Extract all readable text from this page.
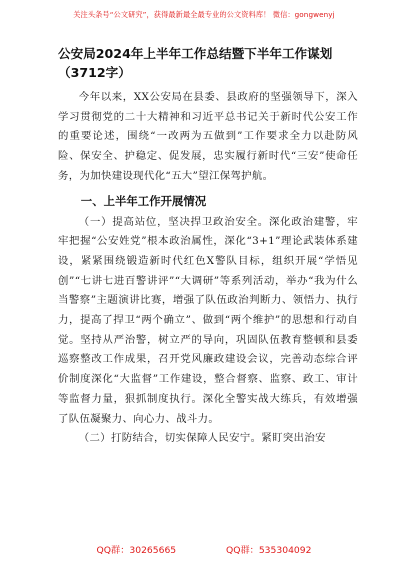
关注头条号“公文研究”，获得最新最全最专业的公文资料库！ 微信：gongwenyj
公安局2024年上半年工作总结暨下半年工作谋划（3712字）

今年以来，XX公安局在县委、县政府的坚强领导下，深入学习贯彻党的二十大精神和习近平总书记关于新时代公安工作的重要论述，围绕“一改两为五做到”工作要求全力以赴防风险、保安全、护稳定、促发展，忠实履行新时代“三安”使命任务，为加快建设现代化“五大”望江保驾护航。

一、上半年工作开展情况

（一）提高站位，坚决捍卫政治安全。深化政治建警，牢牢把握“公安姓党”根本政治属性，深化“3+1”理论武装体系建设，紧紧围绕锻造新时代红色X警队目标，组织开展“学悟见创”“七讲七进百警讲评”“大调研”等系列活动，举办“我为什么当警察”主题演讲比赛，增强了队伍政治判断力、领悟力、执行力，提高了捍卫“两个确立”、做到“两个维护”的思想和行动自觉。坚持从严治警，树立严的导向，巩固队伍教育整顿和县委巡察整改工作成果，召开党风廉政建设会议，完善动态综合评价制度深化“大监督”工作建设，整合督察、监察、政工、审计等监督力量，狠抓制度执行。深化全警实战大练兵，有效增强了队伍凝聚力、向心力、战斗力。

（二）打防结合，切实保障人民安宁。紧盯突出治安

QQ群：30265665	QQ群：535304092
